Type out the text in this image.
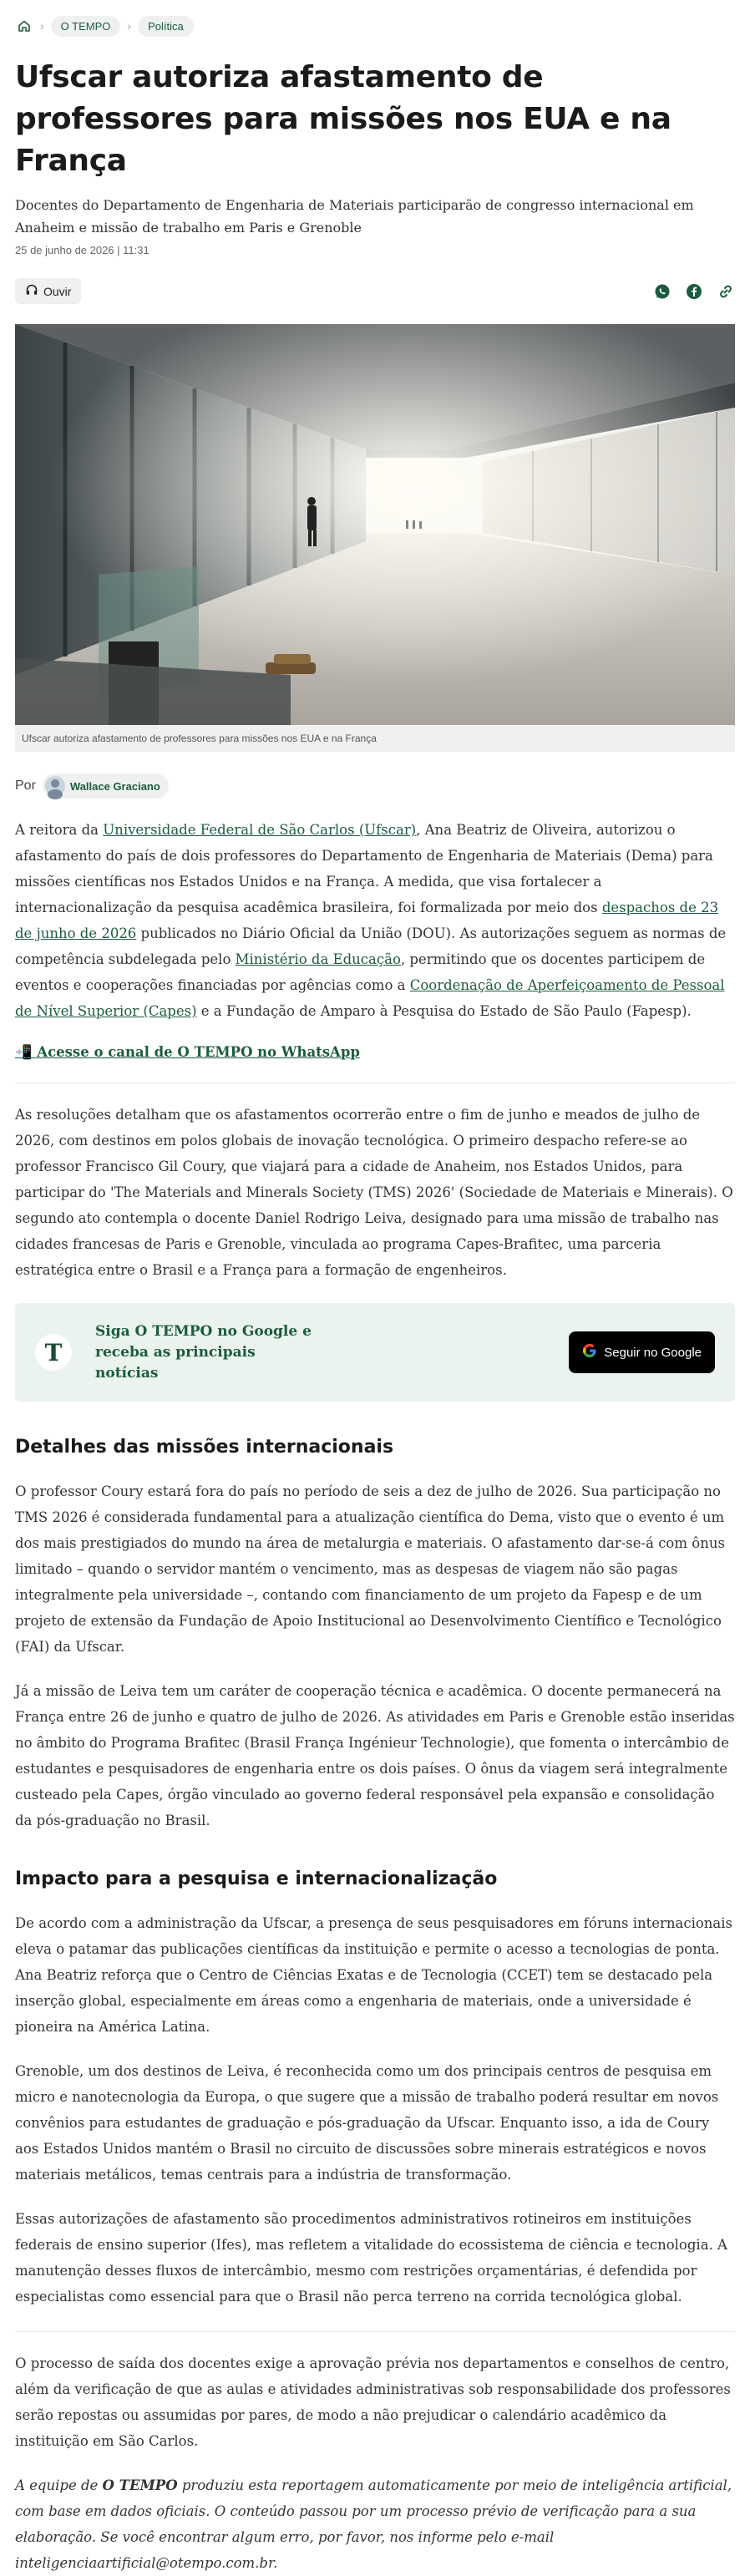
›	O TEMPO	›	Política
Ufscar autoriza afastamento de professores para missões nos EUA e na França

Docentes do Departamento de Engenharia de Materiais participarão de congresso internacional em Anaheim e missão de trabalho em Paris e Grenoble

25 de junho de 2026 | 11:31

Ouvir
Ufscar autoriza afastamento de professores para missões nos EUA e na França
Por	Wallace Graciano

A reitora da Universidade Federal de São Carlos (Ufscar), Ana Beatriz de Oliveira, autorizou o afastamento do país de dois professores do Departamento de Engenharia de Materiais (Dema) para missões científicas nos Estados Unidos e na França. A medida, que visa fortalecer a internacionalização da pesquisa acadêmica brasileira, foi formalizada por meio dos despachos de 23 de junho de 2026 publicados no Diário Oficial da União (DOU). As autorizações seguem as normas de competência subdelegada pelo Ministério da Educação, permitindo que os docentes participem de eventos e cooperações financiadas por agências como a Coordenação de Aperfeiçoamento de Pessoal de Nível Superior (Capes) e a Fundação de Amparo à Pesquisa do Estado de São Paulo (Fapesp).

📲 Acesse o canal de O TEMPO no WhatsApp

As resoluções detalham que os afastamentos ocorrerão entre o fim de junho e meados de julho de 2026, com destinos em polos globais de inovação tecnológica. O primeiro despacho refere-se ao professor Francisco Gil Coury, que viajará para a cidade de Anaheim, nos Estados Unidos, para participar do 'The Materials and Minerals Society (TMS) 2026' (Sociedade de Materiais e Minerais). O segundo ato contempla o docente Daniel Rodrigo Leiva, designado para uma missão de trabalho nas cidades francesas de Paris e Grenoble, vinculada ao programa Capes-Brafitec, uma parceria estratégica entre o Brasil e a França para a formação de engenheiros.

T
Siga O TEMPO no Google e receba as principais notícias
Seguir no Google
Detalhes das missões internacionais

O professor Coury estará fora do país no período de seis a dez de julho de 2026. Sua participação no TMS 2026 é considerada fundamental para a atualização científica do Dema, visto que o evento é um dos mais prestigiados do mundo na área de metalurgia e materiais. O afastamento dar-se-á com ônus limitado – quando o servidor mantém o vencimento, mas as despesas de viagem não são pagas integralmente pela universidade –, contando com financiamento de um projeto da Fapesp e de um projeto de extensão da Fundação de Apoio Institucional ao Desenvolvimento Científico e Tecnológico (FAI) da Ufscar.

Já a missão de Leiva tem um caráter de cooperação técnica e acadêmica. O docente permanecerá na França entre 26 de junho e quatro de julho de 2026. As atividades em Paris e Grenoble estão inseridas no âmbito do Programa Brafitec (Brasil França Ingénieur Technologie), que fomenta o intercâmbio de estudantes e pesquisadores de engenharia entre os dois países. O ônus da viagem será integralmente custeado pela Capes, órgão vinculado ao governo federal responsável pela expansão e consolidação da pós-graduação no Brasil.

Impacto para a pesquisa e internacionalização

De acordo com a administração da Ufscar, a presença de seus pesquisadores em fóruns internacionais eleva o patamar das publicações científicas da instituição e permite o acesso a tecnologias de ponta. Ana Beatriz reforça que o Centro de Ciências Exatas e de Tecnologia (CCET) tem se destacado pela inserção global, especialmente em áreas como a engenharia de materiais, onde a universidade é pioneira na América Latina.

Grenoble, um dos destinos de Leiva, é reconhecida como um dos principais centros de pesquisa em micro e nanotecnologia da Europa, o que sugere que a missão de trabalho poderá resultar em novos convênios para estudantes de graduação e pós-graduação da Ufscar. Enquanto isso, a ida de Coury aos Estados Unidos mantém o Brasil no circuito de discussões sobre minerais estratégicos e novos materiais metálicos, temas centrais para a indústria de transformação.

Essas autorizações de afastamento são procedimentos administrativos rotineiros em instituições federais de ensino superior (Ifes), mas refletem a vitalidade do ecossistema de ciência e tecnologia. A manutenção desses fluxos de intercâmbio, mesmo com restrições orçamentárias, é defendida por especialistas como essencial para que o Brasil não perca terreno na corrida tecnológica global.

O processo de saída dos docentes exige a aprovação prévia nos departamentos e conselhos de centro, além da verificação de que as aulas e atividades administrativas sob responsabilidade dos professores serão repostas ou assumidas por pares, de modo a não prejudicar o calendário acadêmico da instituição em São Carlos.

A equipe de O TEMPO produziu esta reportagem automaticamente por meio de inteligência artificial, com base em dados oficiais. O conteúdo passou por um processo prévio de verificação para a sua elaboração. Se você encontrar algum erro, por favor, nos informe pelo e-mail inteligenciaartificial@otempo.com.br.
